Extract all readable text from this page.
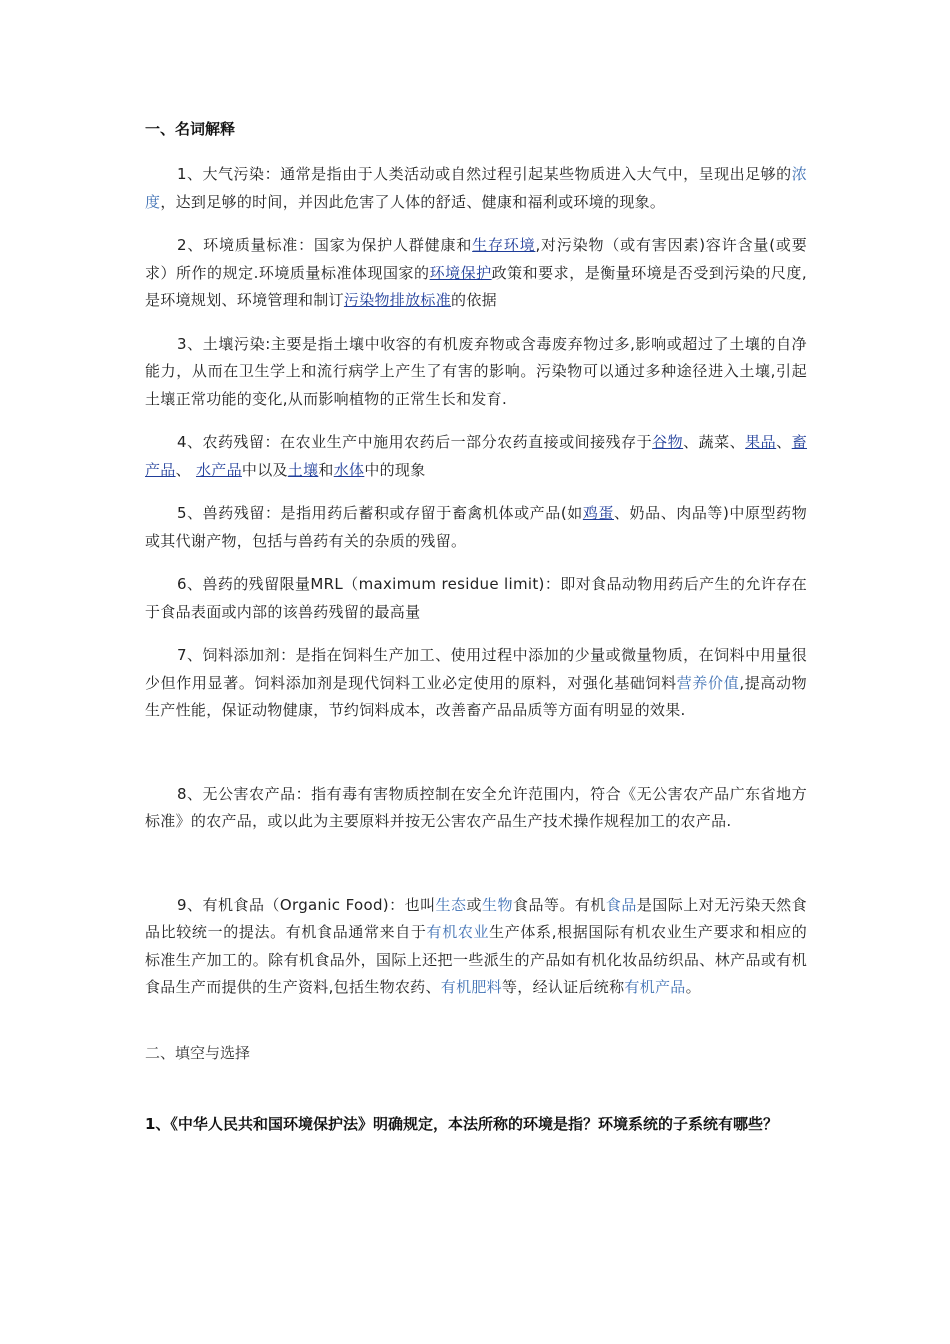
一、名词解释

1、大气污染：通常是指由于人类活动或自然过程引起某些物质进入大气中，呈现出足够的浓度，达到足够的时间，并因此危害了人体的舒适、健康和福利或环境的现象。

2、环境质量标准：国家为保护人群健康和生存环境,对污染物（或有害因素)容许含量(或要求）所作的规定.环境质量标准体现国家的环境保护政策和要求，是衡量环境是否受到污染的尺度,是环境规划、环境管理和制订污染物排放标准的依据

3、土壤污染:主要是指土壤中收容的有机废弃物或含毒废弃物过多,影响或超过了土壤的自净能力，从而在卫生学上和流行病学上产生了有害的影响。污染物可以通过多种途径进入土壤,引起土壤正常功能的变化,从而影响植物的正常生长和发育.

4、农药残留：在农业生产中施用农药后一部分农药直接或间接残存于谷物、蔬菜、果品、畜产品、 水产品中以及土壤和水体中的现象

5、兽药残留：是指用药后蓄积或存留于畜禽机体或产品(如鸡蛋、奶品、肉品等)中原型药物或其代谢产物，包括与兽药有关的杂质的残留。

6、兽药的残留限量MRL（maximum residue limit)：即对食品动物用药后产生的允许存在于食品表面或内部的该兽药残留的最高量

7、饲料添加剂：是指在饲料生产加工、使用过程中添加的少量或微量物质，在饲料中用量很少但作用显著。饲料添加剂是现代饲料工业必定使用的原料，对强化基础饲料营养价值,提高动物生产性能，保证动物健康，节约饲料成本，改善畜产品品质等方面有明显的效果.

8、无公害农产品：指有毒有害物质控制在安全允许范围内，符合《无公害农产品广东省地方标准》的农产品，或以此为主要原料并按无公害农产品生产技术操作规程加工的农产品.

9、有机食品（Organic Food)：也叫生态或生物食品等。有机食品是国际上对无污染天然食品比较统一的提法。有机食品通常来自于有机农业生产体系,根据国际有机农业生产要求和相应的标准生产加工的。除有机食品外，国际上还把一些派生的产品如有机化妆品纺织品、林产品或有机食品生产而提供的生产资料,包括生物农药、有机肥料等，经认证后统称有机产品。

二、填空与选择
1、《中华人民共和国环境保护法》明确规定，本法所称的环境是指？环境系统的子系统有哪些？
